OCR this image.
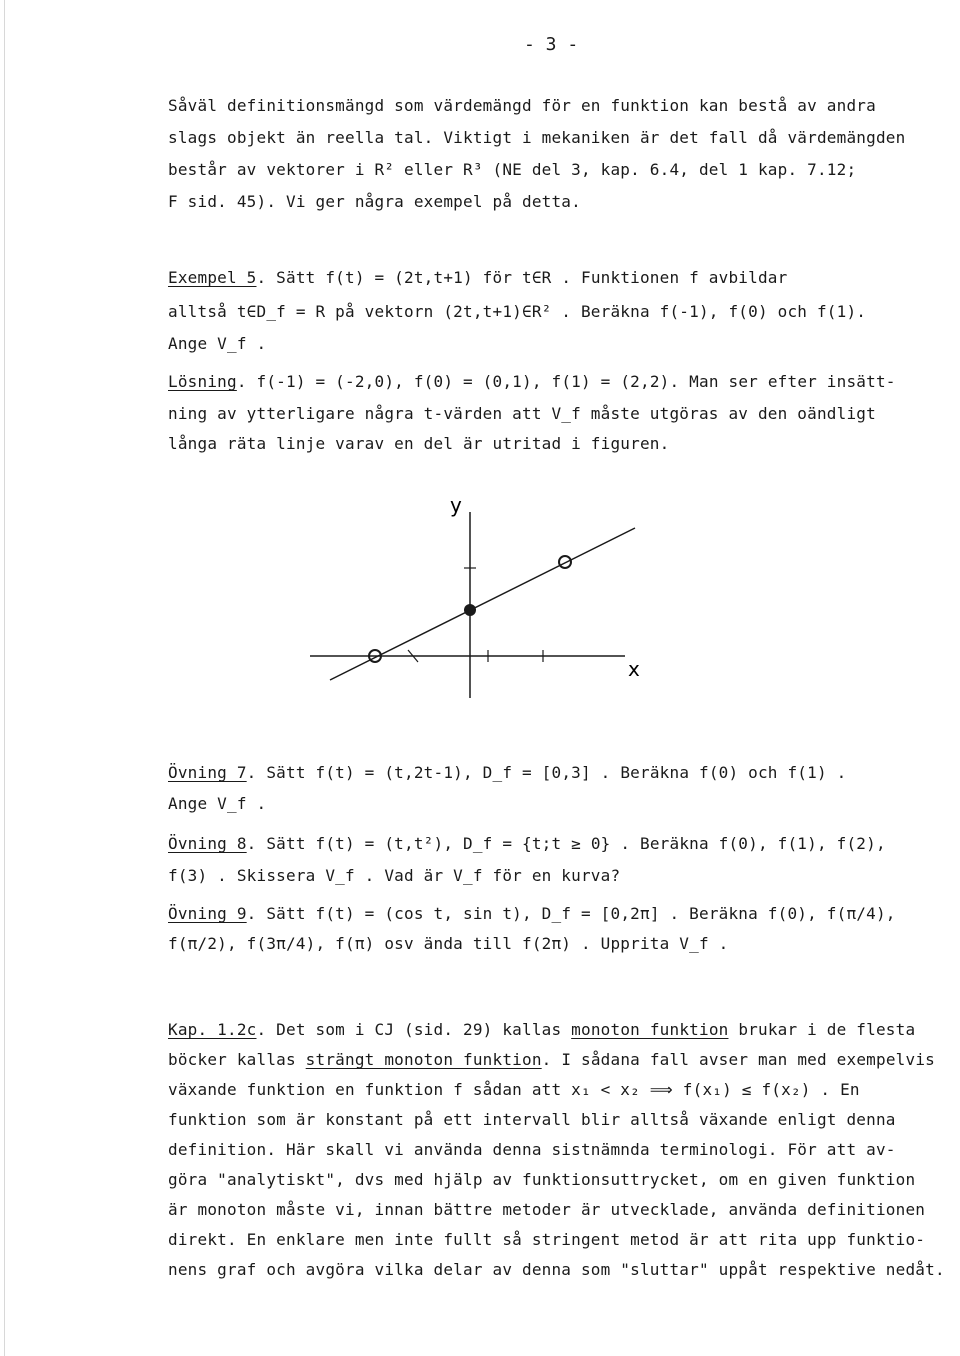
- 3 -
Såväl definitionsmängd som värdemängd för en funktion kan bestå av andra
slags objekt än reella tal. Viktigt i mekaniken är det fall då värdemängden
består av vektorer i R² eller R³ (NE del 3, kap. 6.4, del 1 kap. 7.12;
F sid. 45). Vi ger några exempel på detta.
Exempel 5. Sätt f(t) = (2t,t+1) för t∈R . Funktionen f avbildar
alltså t∈D_f = R på vektorn (2t,t+1)∈R² . Beräkna f(-1), f(0) och f(1).
Ange V_f .
Lösning. f(-1) = (-2,0), f(0) = (0,1), f(1) = (2,2). Man ser efter insätt-
ning av ytterligare några t-värden att V_f måste utgöras av den oändligt
långa räta linje varav en del är utritad i figuren.
y
x
Övning 7. Sätt f(t) = (t,2t-1), D_f = [0,3] . Beräkna f(0) och f(1) .
Ange V_f .
Övning 8. Sätt f(t) = (t,t²), D_f = {t;t ≥ 0} . Beräkna f(0), f(1), f(2),
f(3) . Skissera V_f . Vad är V_f för en kurva?
Övning 9. Sätt f(t) = (cos t, sin t), D_f = [0,2π] . Beräkna f(0), f(π/4),
f(π/2), f(3π/4), f(π) osv ända till f(2π) . Upprita V_f .
Kap. 1.2c. Det som i CJ (sid. 29) kallas monoton funktion brukar i de flesta
böcker kallas strängt monoton funktion. I sådana fall avser man med exempelvis
växande funktion en funktion f sådan att x₁ < x₂ ⟹ f(x₁) ≤ f(x₂) . En
funktion som är konstant på ett intervall blir alltså växande enligt denna
definition. Här skall vi använda denna sistnämnda terminologi. För att av-
göra "analytiskt", dvs med hjälp av funktionsuttrycket, om en given funktion
är monoton måste vi, innan bättre metoder är utvecklade, använda definitionen
direkt. En enklare men inte fullt så stringent metod är att rita upp funktio-
nens graf och avgöra vilka delar av denna som "sluttar" uppåt respektive nedåt.
